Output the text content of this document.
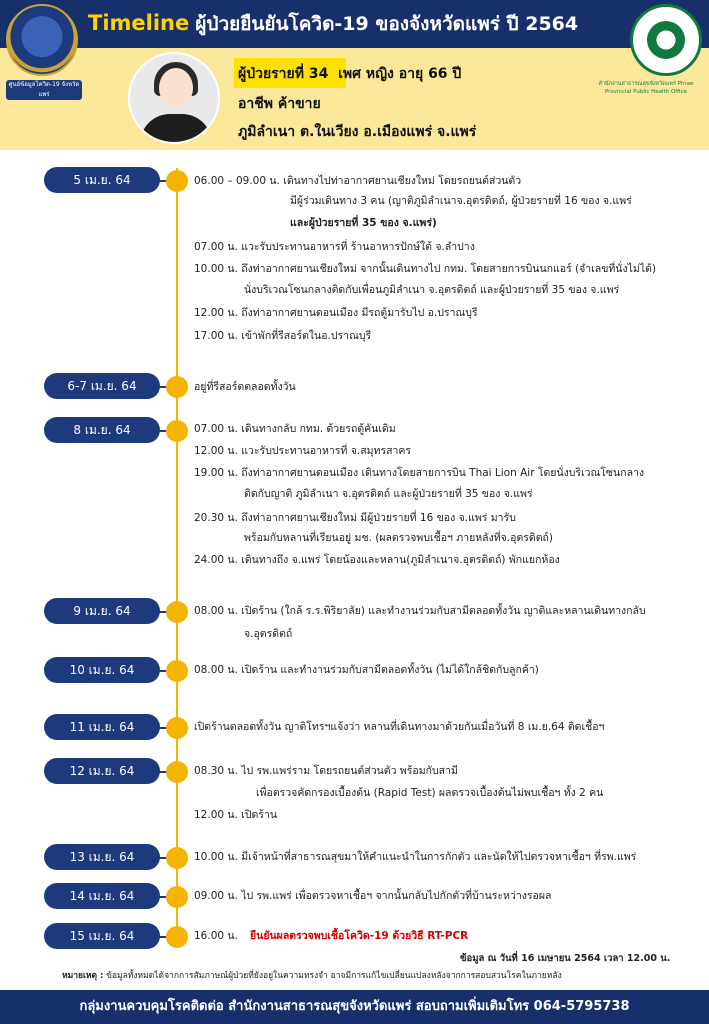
Timeline ผู้ป่วยยืนยันโควิด-19 ของจังหวัดแพร่ ปี 2564
ศูนย์ข้อมูลโควิด-19 จังหวัดแพร่
สำนักงานสาธารณสุขจังหวัดแพร่ Phrae Provincial Public Health Office
ผู้ป่วยรายที่ 34 เพศ หญิง อายุ 66 ปี
อาชีพ ค้าขาย
ภูมิลำเนา ต.ในเวียง อ.เมืองแพร่ จ.แพร่
5 เม.ย. 64	06.00 – 09.00 น. เดินทางไปท่าอากาศยานเชียงใหม่ โดยรถยนต์ส่วนตัว
มีผู้ร่วมเดินทาง 3 คน (ญาติภูมิลำเนาจ.อุตรดิตถ์, ผู้ป่วยรายที่ 16 ของ จ.แพร่
และผู้ป่วยรายที่ 35 ของ จ.แพร่)
07.00 น. แวะรับประทานอาหารที่ ร้านอาหารปักษ์ใต้ จ.ลำปาง
10.00 น. ถึงท่าอากาศยานเชียงใหม่ จากนั้นเดินทางไป กทม. โดยสายการบินนกแอร์ (จำเลขที่นั่งไม่ได้)
นั่งบริเวณโซนกลางติดกับเพื่อนภูมิลำเนา จ.อุตรดิตถ์ และผู้ป่วยรายที่ 35 ของ จ.แพร่
12.00 น. ถึงท่าอากาศยานดอนเมือง มีรถตู้มารับไป อ.ปราณบุรี
17.00 น. เข้าพักที่รีสอร์ตในอ.ปราณบุรี
6-7 เม.ย. 64	อยู่ที่รีสอร์ตตลอดทั้งวัน
8 เม.ย. 64	07.00 น. เดินทางกลับ กทม. ด้วยรถตู้คันเดิม
12.00 น. แวะรับประทานอาหารที่ จ.สมุทรสาคร
19.00 น. ถึงท่าอากาศยานดอนเมือง เดินทางโดยสายการบิน Thai Lion Air โดยนั่งบริเวณโซนกลาง
ติดกับญาติ ภูมิลำเนา จ.อุตรดิตถ์ และผู้ป่วยรายที่ 35 ของ จ.แพร่
20.30 น. ถึงท่าอากาศยานเชียงใหม่ มีผู้ป่วยรายที่ 16 ของ จ.แพร่ มารับ
พร้อมกับหลานที่เรียนอยู่ มช. (ผลตรวจพบเชื้อฯ ภายหลังที่จ.อุตรดิตถ์)
24.00 น. เดินทางถึง จ.แพร่ โดยน้องและหลาน(ภูมิลำเนาจ.อุตรดิตถ์) พักแยกห้อง
9 เม.ย. 64	08.00 น. เปิดร้าน (ใกล้ ร.ร.พิริยาลัย) และทำงานร่วมกับสามีตลอดทั้งวัน ญาติและหลานเดินทางกลับ
จ.อุตรดิตถ์
10 เม.ย. 64	08.00 น. เปิดร้าน และทำงานร่วมกับสามีตลอดทั้งวัน (ไม่ได้ใกล้ชิดกับลูกค้า)
11 เม.ย. 64	เปิดร้านตลอดทั้งวัน ญาติโทรฯแจ้งว่า หลานที่เดินทางมาด้วยกันเมื่อวันที่ 8 เม.ย.64 ติดเชื้อฯ
12 เม.ย. 64	08.30 น. ไป รพ.แพร่ราม โดยรถยนต์ส่วนตัว พร้อมกับสามี
เพื่อตรวจคัดกรองเบื้องต้น (Rapid Test) ผลตรวจเบื้องต้นไม่พบเชื้อฯ ทั้ง 2 คน
12.00 น. เปิดร้าน
13 เม.ย. 64	10.00 น. มีเจ้าหน้าที่สาธารณสุขมาให้คำแนะนำในการกักตัว และนัดให้ไปตรวจหาเชื้อฯ ที่รพ.แพร่
14 เม.ย. 64	09.00 น. ไป รพ.แพร่ เพื่อตรวจหาเชื้อฯ จากนั้นกลับไปกักตัวที่บ้านระหว่างรอผล
15 เม.ย. 64	16.00 น. ยืนยันผลตรวจพบเชื้อโควิด-19 ด้วยวิธี RT-PCR
ข้อมูล ณ วันที่ 16 เมษายน 2564 เวลา 12.00 น.
หมายเหตุ : ข้อมูลทั้งหมดได้จากการสัมภาษณ์ผู้ป่วยที่ยังอยู่ในความทรงจำ อาจมีการแก้ไขเปลี่ยนแปลงหลังจากการสอบสวนโรคในภายหลัง
กลุ่มงานควบคุมโรคติดต่อ สำนักงานสาธารณสุขจังหวัดแพร่ สอบถามเพิ่มเติมโทร 064-5795738
